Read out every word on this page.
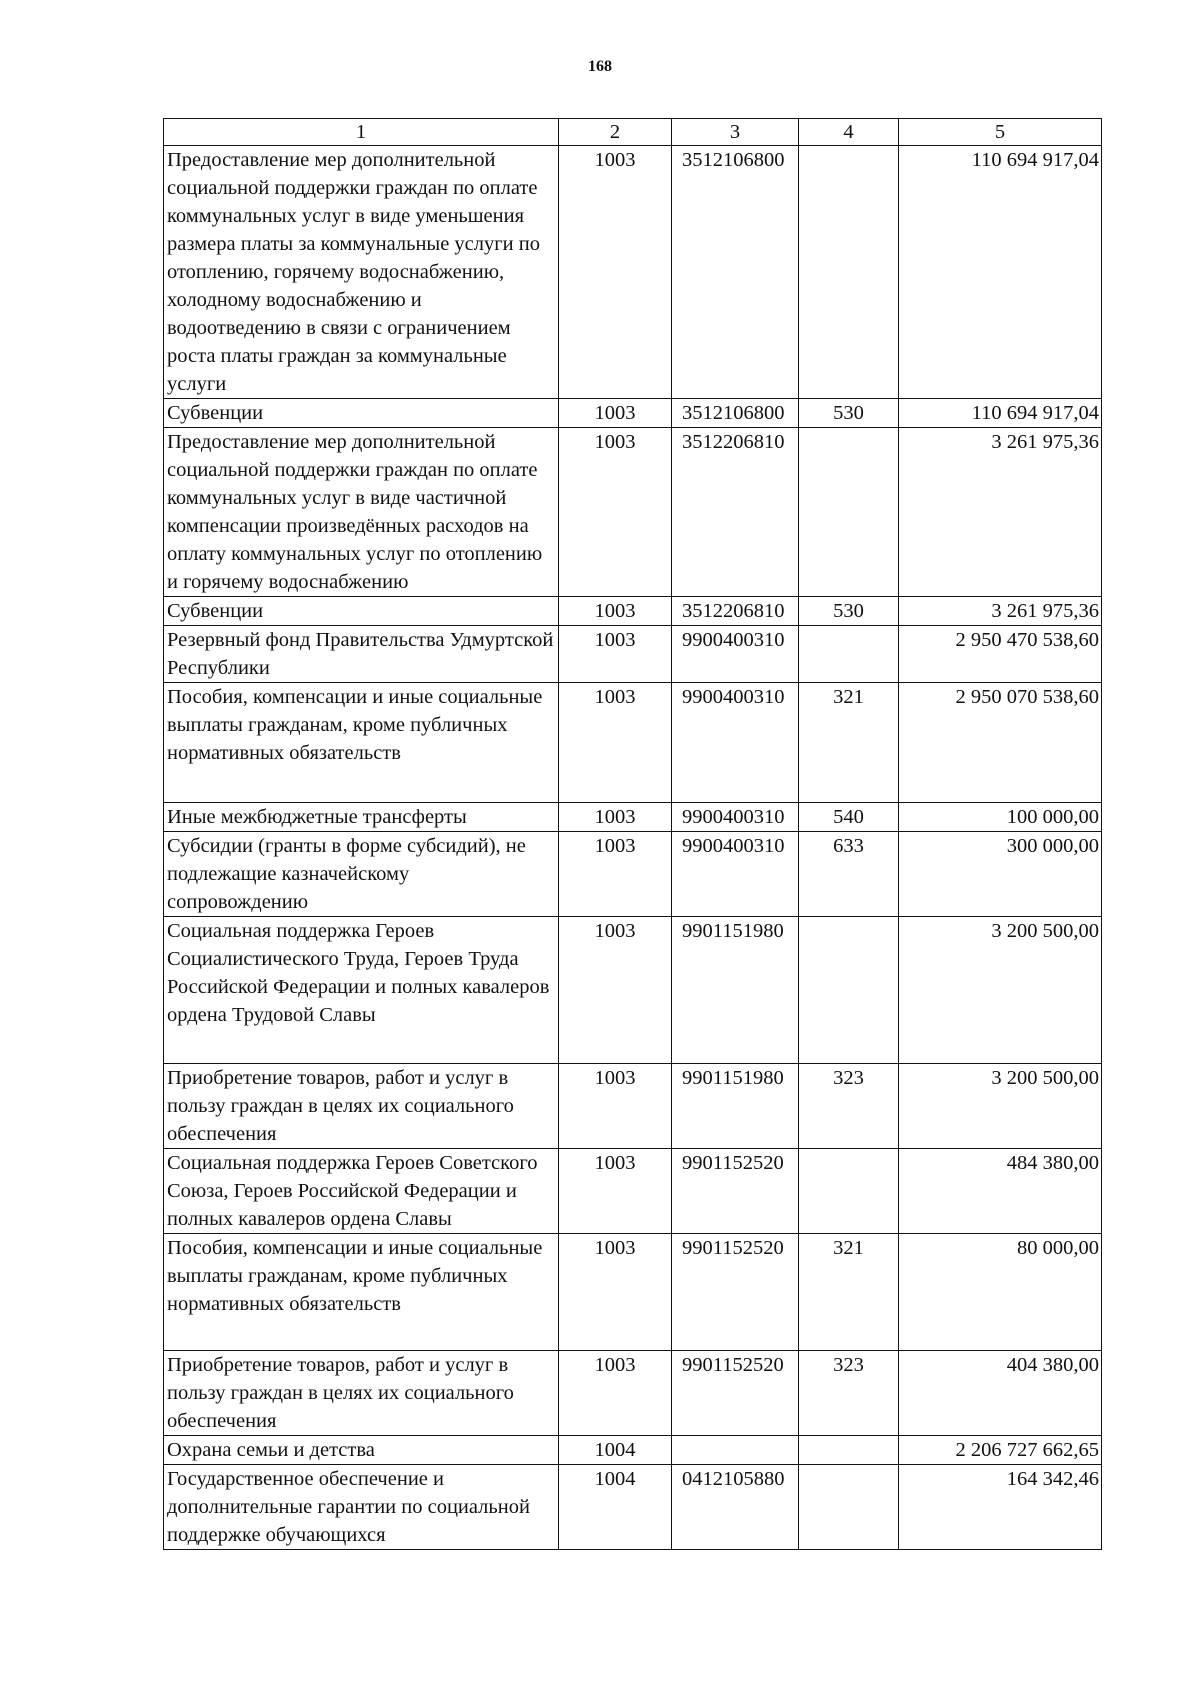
168
1	2	3	4	5
Предоставление мер дополнительной социальной поддержки граждан по оплате коммунальных услуг в виде уменьшения размера платы за коммунальные услуги по отоплению, горячему водоснабжению, холодному водоснабжению и водоотведению в связи с ограничением роста платы граждан за коммунальные услуги	1003	3512106800		110 694 917,04
Субвенции	1003	3512106800	530	110 694 917,04
Предоставление мер дополнительной социальной поддержки граждан по оплате коммунальных услуг в виде частичной компенсации произведённых расходов на оплату коммунальных услуг по отоплению и горячему водоснабжению	1003	3512206810		3 261 975,36
Субвенции	1003	3512206810	530	3 261 975,36
Резервный фонд Правительства Удмуртской Республики	1003	9900400310		2 950 470 538,60
Пособия, компенсации и иные социальные выплаты гражданам, кроме публичных нормативных обязательств	1003	9900400310	321	2 950 070 538,60
Иные межбюджетные трансферты	1003	9900400310	540	100 000,00
Субсидии (гранты в форме субсидий), не подлежащие казначейскому сопровождению	1003	9900400310	633	300 000,00
Социальная поддержка Героев Социалистического Труда, Героев Труда Российской Федерации и полных кавалеров ордена Трудовой Славы	1003	9901151980		3 200 500,00
Приобретение товаров, работ и услуг в пользу граждан в целях их социального обеспечения	1003	9901151980	323	3 200 500,00
Социальная поддержка Героев Советского Союза, Героев Российской Федерации и полных кавалеров ордена Славы	1003	9901152520		484 380,00
Пособия, компенсации и иные социальные выплаты гражданам, кроме публичных нормативных обязательств	1003	9901152520	321	80 000,00
Приобретение товаров, работ и услуг в пользу граждан в целях их социального обеспечения	1003	9901152520	323	404 380,00
Охрана семьи и детства	1004			2 206 727 662,65
Государственное обеспечение и дополнительные гарантии по социальной поддержке обучающихся	1004	0412105880		164 342,46
